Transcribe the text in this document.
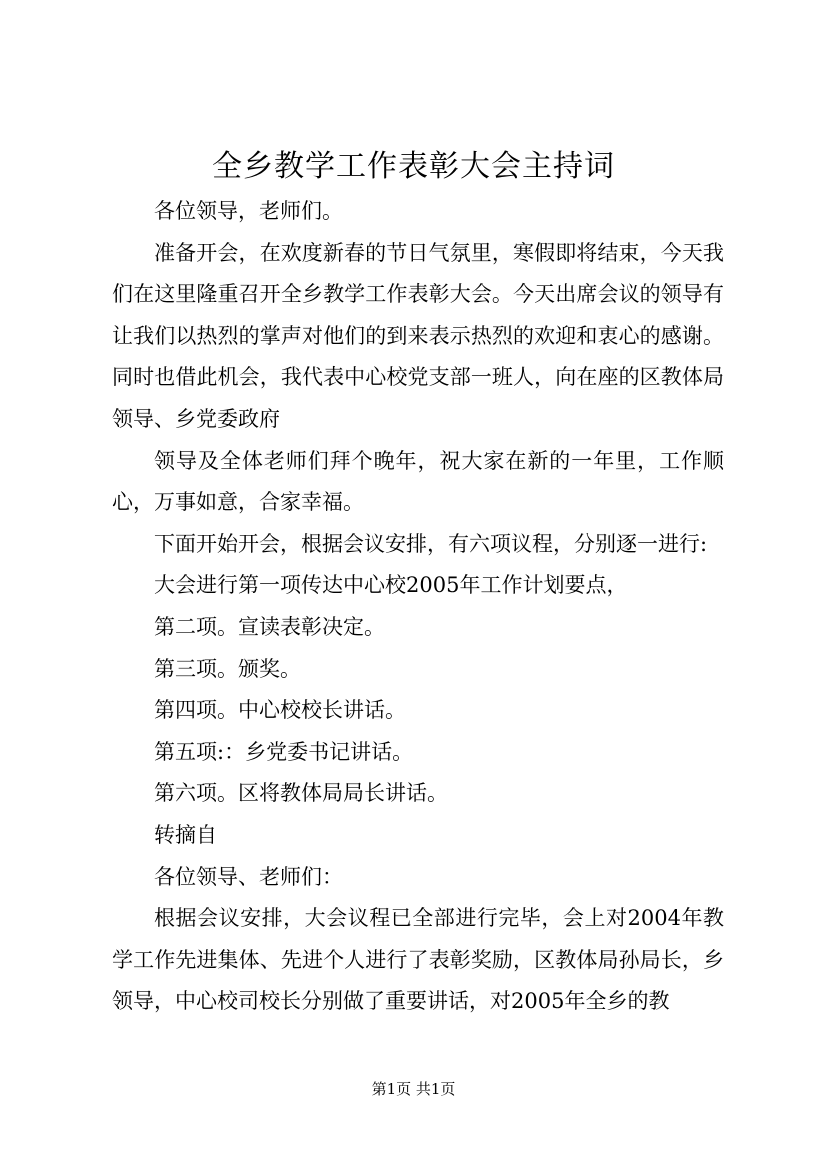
全乡教学工作表彰大会主持词

各位领导，老师们。

准备开会，在欢度新春的节日气氛里，寒假即将结束，今天我们在这里隆重召开全乡教学工作表彰大会。今天出席会议的领导有让我们以热烈的掌声对他们的到来表示热烈的欢迎和衷心的感谢。同时也借此机会，我代表中心校党支部一班人，向在座的区教体局领导、乡党委政府

领导及全体老师们拜个晚年，祝大家在新的一年里，工作顺心，万事如意，合家幸福。

下面开始开会，根据会议安排，有六项议程，分别逐一进行:

大会进行第一项传达中心校2005年工作计划要点，

第二项。宣读表彰决定。

第三项。颁奖。

第四项。中心校校长讲话。

第五项:：乡党委书记讲话。

第六项。区将教体局局长讲话。

转摘自

各位领导、老师们：

根据会议安排，大会议程已全部进行完毕，会上对2004年教学工作先进集体、先进个人进行了表彰奖励，区教体局孙局长，乡领导，中心校司校长分别做了重要讲话，对2005年全乡的教

第1页 共1页
